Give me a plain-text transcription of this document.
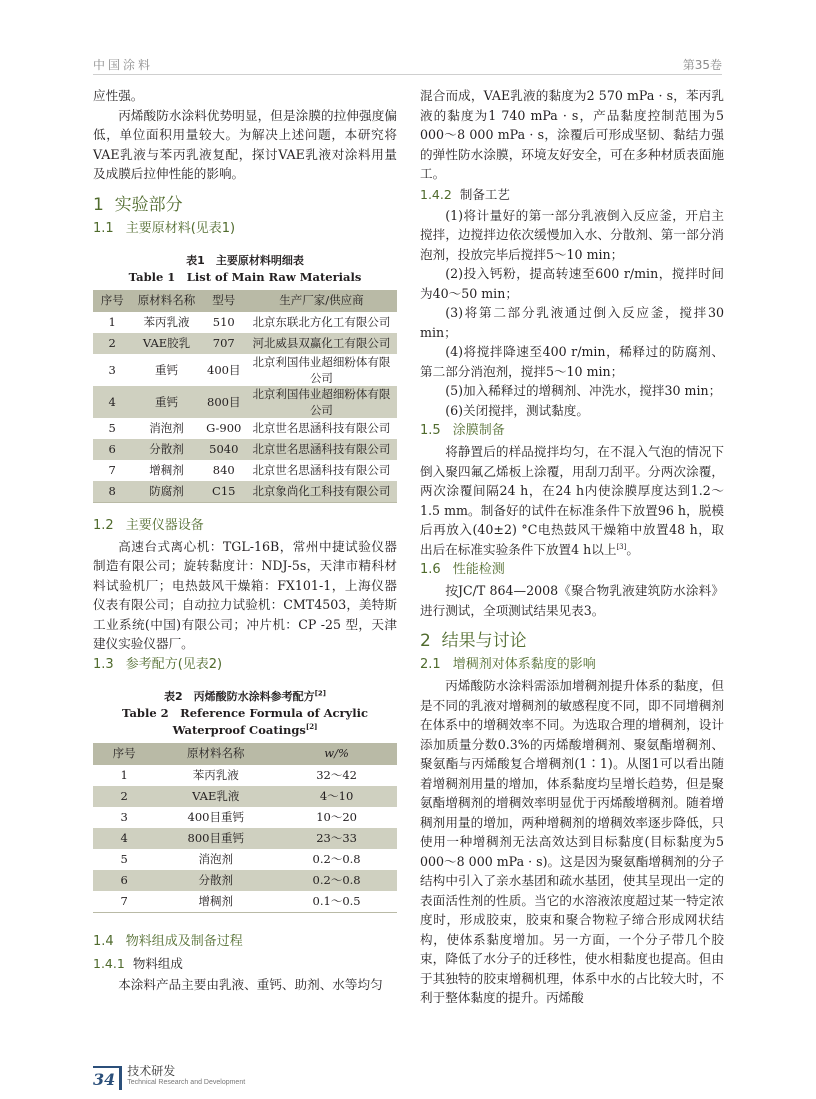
中国涂料	第35卷

应性强。

丙烯酸防水涂料优势明显，但是涂膜的拉伸强度偏低，单位面积用量较大。为解决上述问题，本研究将VAE乳液与苯丙乳液复配，探讨VAE乳液对涂料用量及成膜后拉伸性能的影响。

1 实验部分
1.1 主要原材料(见表1)
表1　主要原材料明细表
Table 1　List of Main Raw Materials
序号	原材料名称	型号	生产厂家/供应商
1	苯丙乳液	510	北京东联北方化工有限公司
2	VAE胶乳	707	河北威县双赢化工有限公司
3	重钙	400目	北京利国伟业超细粉体有限公司
4	重钙	800目	北京利国伟业超细粉体有限公司
5	消泡剂	G-900	北京世名思涵科技有限公司
6	分散剂	5040	北京世名思涵科技有限公司
7	增稠剂	840	北京世名思涵科技有限公司
8	防腐剂	C15	北京象尚化工科技有限公司
1.2 主要仪器设备

高速台式离心机：TGL-16B，常州中捷试验仪器制造有限公司；旋转黏度计：NDJ-5s，天津市精科材料试验机厂；电热鼓风干燥箱：FX101-1，上海仪器仪表有限公司；自动拉力试验机：CMT4503，美特斯工业系统(中国)有限公司；冲片机：CP -25 型，天津建仪实验仪器厂。

1.3 参考配方(见表2)
表2　丙烯酸防水涂料参考配方[2]
Table 2　Reference Formula of Acrylic Waterproof Coatings[2]
序号	原材料名称	w/%
1	苯丙乳液	32～42
2	VAE乳液	4～10
3	400目重钙	10～20
4	800目重钙	23～33
5	消泡剂	0.2～0.8
6	分散剂	0.2～0.8
7	增稠剂	0.1～0.5
1.4 物料组成及制备过程
1.4.1 物料组成

本涂料产品主要由乳液、重钙、助剂、水等均匀

混合而成，VAE乳液的黏度为2 570 mPa · s，苯丙乳液的黏度为1 740 mPa · s，产品黏度控制范围为5 000～8 000 mPa · s，涂覆后可形成坚韧、黏结力强的弹性防水涂膜，环境友好安全，可在多种材质表面施工。

1.4.2 制备工艺

(1)将计量好的第一部分乳液倒入反应釜，开启主搅拌，边搅拌边依次缓慢加入水、分散剂、第一部分消泡剂，投放完毕后搅拌5～10 min；

(2)投入钙粉，提高转速至600 r/min，搅拌时间为40～50 min；

(3)将第二部分乳液通过倒入反应釜，搅拌30 min；

(4)将搅拌降速至400 r/min，稀释过的防腐剂、第二部分消泡剂，搅拌5～10 min；

(5)加入稀释过的增稠剂、冲洗水，搅拌30 min；

(6)关闭搅拌，测试黏度。

1.5 涂膜制备

将静置后的样品搅拌均匀，在不混入气泡的情况下倒入聚四氟乙烯板上涂覆，用刮刀刮平。分两次涂覆，两次涂覆间隔24 h，在24 h内使涂膜厚度达到1.2～1.5 mm。制备好的试件在标准条件下放置96 h，脱模后再放入(40±2) °C电热鼓风干燥箱中放置48 h，取出后在标准实验条件下放置4 h以上[3]。

1.6 性能检测

按JC/T 864—2008《聚合物乳液建筑防水涂料》进行测试，全项测试结果见表3。

2 结果与讨论
2.1 增稠剂对体系黏度的影响

丙烯酸防水涂料需添加增稠剂提升体系的黏度，但是不同的乳液对增稠剂的敏感程度不同，即不同增稠剂在体系中的增稠效率不同。为选取合理的增稠剂，设计添加质量分数0.3%的丙烯酸增稠剂、聚氨酯增稠剂、聚氨酯与丙烯酸复合增稠剂(1∶1)。从图1可以看出随着增稠剂用量的增加，体系黏度均呈增长趋势，但是聚氨酯增稠剂的增稠效率明显优于丙烯酸增稠剂。随着增稠剂用量的增加，两种增稠剂的增稠效率逐步降低，只使用一种增稠剂无法高效达到目标黏度(目标黏度为5 000～8 000 mPa · s)。这是因为聚氨酯增稠剂的分子结构中引入了亲水基团和疏水基团，使其呈现出一定的表面活性剂的性质。当它的水溶液浓度超过某一特定浓度时，形成胶束，胶束和聚合物粒子缔合形成网状结构，使体系黏度增加。另一方面，一个分子带几个胶束，降低了水分子的迁移性，使水相黏度也提高。但由于其独特的胶束增稠机理，体系中水的占比较大时，不利于整体黏度的提升。丙烯酸

34	技术研发
Technical Research and Development
